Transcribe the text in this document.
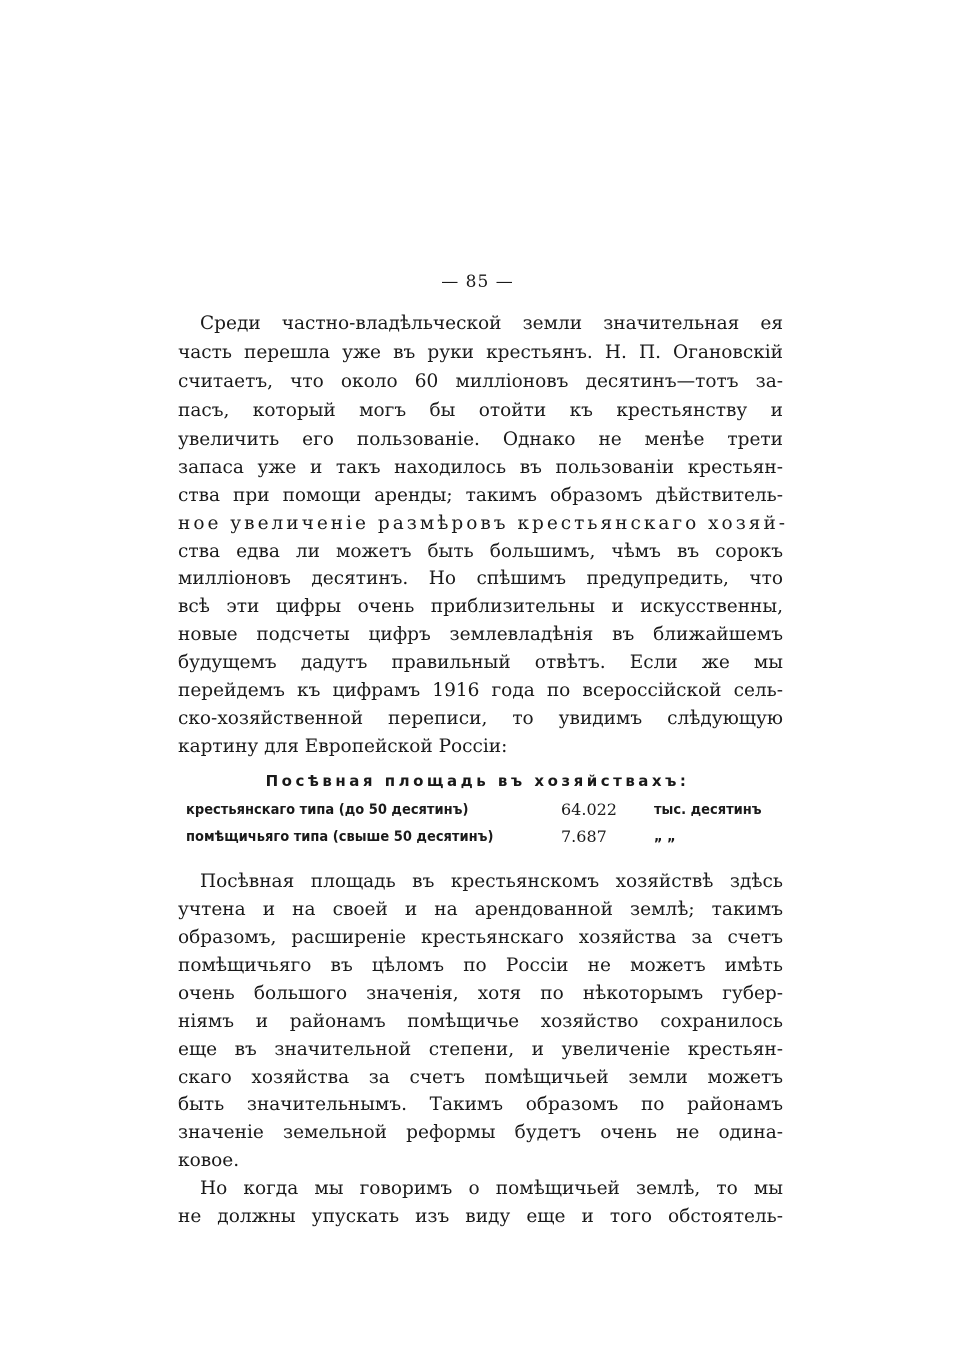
— 85 —
Среди частно-владѣльческой земли значительная ея
часть перешла уже въ руки крестьянъ. Н. П. Огановскій
считаетъ, что около 60 милліоновъ десятинъ—тотъ за-
пасъ, который могъ бы отойти къ крестьянству и
увеличить его пользованіе. Однако не менѣе трети
запаса уже и такъ находилось въ пользованіи крестьян-
ства при помощи аренды; такимъ образомъ дѣйствитель-
ное увеличеніе размѣровъ крестьянскаго хозяй-
ства едва ли можетъ быть большимъ, чѣмъ въ сорокъ
милліоновъ десятинъ. Но спѣшимъ предупредить, что
всѣ эти цифры очень приблизительны и искусственны,
новые подсчеты цифръ землевладѣнія въ ближайшемъ
будущемъ дадутъ правильный отвѣтъ. Если же мы
перейдемъ къ цифрамъ 1916 года по всероссійской сель-
ско-хозяйственной переписи, то увидимъ слѣдующую
картину для Европейской Россіи:
Посѣвная площадь въ хозяйствахъ:
крестьянскаго типа (до 50 десятинъ)	64.022	тыс. десятинъ
помѣщичьяго типа (свыше 50 десятинъ)	7.687	„ „
Посѣвная площадь въ крестьянскомъ хозяйствѣ здѣсь
учтена и на своей и на арендованной землѣ; такимъ
образомъ, расширеніе крестьянскаго хозяйства за счетъ
помѣщичьяго въ цѣломъ по Россіи не можетъ имѣть
очень большого значенія, хотя по нѣкоторымъ губер-
ніямъ и районамъ помѣщичье хозяйство сохранилось
еще въ значительной степени, и увеличеніе крестьян-
скаго хозяйства за счетъ помѣщичьей земли можетъ
быть значительнымъ. Такимъ образомъ по районамъ
значеніе земельной реформы будетъ очень не одина-
ковое.
Но когда мы говоримъ о помѣщичьей землѣ, то мы
не должны упускать изъ виду еще и того обстоятель-
